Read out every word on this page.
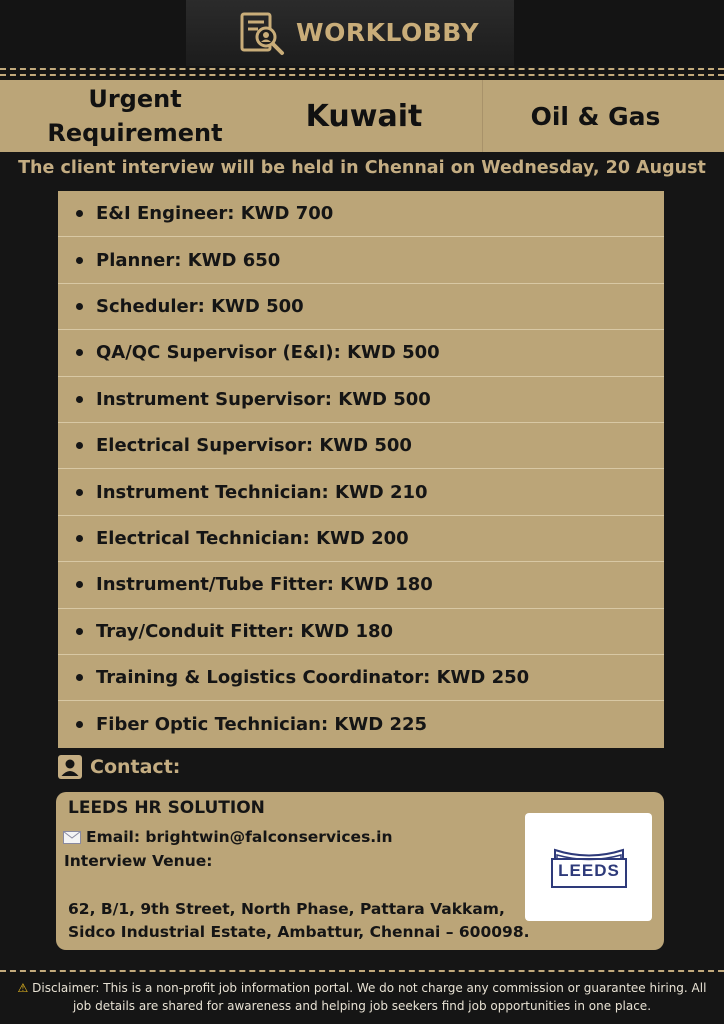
WORKLOBBY
Urgent
Requirement	Kuwait	Oil & Gas
The client interview will be held in Chennai on Wednesday, 20 August
E&I Engineer: KWD 700
Planner: KWD 650
Scheduler: KWD 500
QA/QC Supervisor (E&I): KWD 500
Instrument Supervisor: KWD 500
Electrical Supervisor: KWD 500
Instrument Technician: KWD 210
Electrical Technician: KWD 200
Instrument/Tube Fitter: KWD 180
Tray/Conduit Fitter: KWD 180
Training & Logistics Coordinator: KWD 250
Fiber Optic Technician: KWD 225
Contact:
LEEDS HR SOLUTION
Email: brightwin@falconservices.in
Interview Venue:
62, B/1, 9th Street, North Phase, Pattara Vakkam,
Sidco Industrial Estate, Ambattur, Chennai – 600098.
LEEDS
⚠ Disclaimer: This is a non-profit job information portal. We do not charge any commission or guarantee hiring. All
job details are shared for awareness and helping job seekers find job opportunities in one place.
